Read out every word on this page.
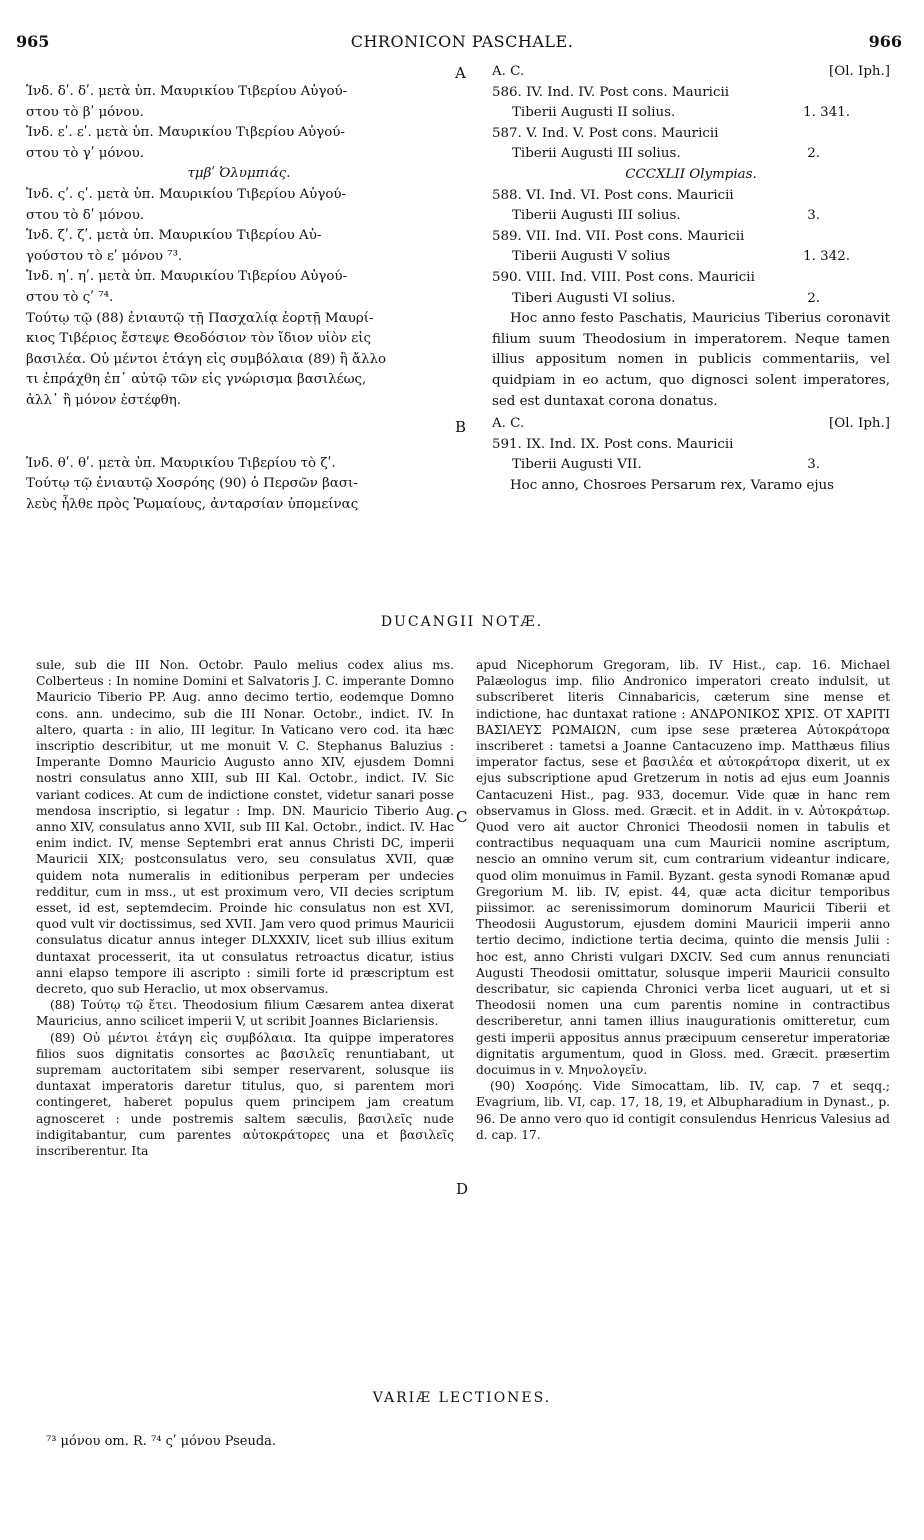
965	CHRONICON PASCHALE.	966
A
B
C
D
Ἰνδ. δʹ. δʹ. μετὰ ὑπ. Μαυρικίου Τιβερίου Αὐγού-
στου τὸ βʹ μόνου.
Ἰνδ. εʹ. εʹ. μετὰ ὑπ. Μαυρικίου Τιβερίου Αὐγού-
στου τὸ γʹ μόνου.
τμβʹ Ὀλυμπιάς.
Ἰνδ. ςʹ. ςʹ. μετὰ ὑπ. Μαυρικίου Τιβερίου Αὐγού-
στου τὸ δʹ μόνου.
Ἰνδ. ζʹ. ζʹ. μετὰ ὑπ. Μαυρικίου Τιβερίου Αὐ-
γούστου τὸ εʹ μόνου ⁷³.
Ἰνδ. ηʹ. ηʹ. μετὰ ὑπ. Μαυρικίου Τιβερίου Αὐγού-
στου τὸ ςʹ ⁷⁴.
Τούτῳ τῷ (88) ἐνιαυτῷ τῇ Πασχαλίᾳ ἑορτῇ Μαυρί-
κιος Τιβέριος ἔστεψε Θεοδόσιον τὸν ἴδιον υἱὸν εἰς
βασιλέα. Οὐ μέντοι ἐτάγη εἰς συμβόλαια (89) ἢ ἄλλο
τι ἐπράχθη ἐπ᾽ αὐτῷ τῶν εἰς γνώρισμα βασιλέως,
ἀλλ᾽ ἢ μόνον ἐστέφθη.
Ἰνδ. θʹ. θʹ. μετὰ ὑπ. Μαυρικίου Τιβερίου τὸ ζʹ.
Τούτῳ τῷ ἐνιαυτῷ Χοσρόης (90) ὁ Περσῶν βασι-
λεὺς ἦλθε πρὸς Ῥωμαίους, ἀνταρσίαν ὑπομείνας
A. C.	[Ol. Iph.]
586. IV. Ind. IV. Post cons. Mauricii
Tiberii Augusti II solius.	1. 341.
587. V. Ind. V. Post cons. Mauricii
Tiberii Augusti III solius.	2.
CCCXLII Olympias.
588. VI. Ind. VI. Post cons. Mauricii
Tiberii Augusti III solius.	3.
589. VII. Ind. VII. Post cons. Mauricii
Tiberii Augusti V solius	1. 342.
590. VIII. Ind. VIII. Post cons. Mauricii
Tiberi Augusti VI solius.	2.
Hoc anno festo Paschatis, Mauricius Tiberius coronavit filium suum Theodosium in imperatorem. Neque tamen illius appositum nomen in publicis commentariis, vel quidpiam in eo actum, quo dignosci solent imperatores, sed est duntaxat corona donatus.
A. C.	[Ol. Iph.]
591. IX. Ind. IX. Post cons. Mauricii
Tiberii Augusti VII.	3.
Hoc anno, Chosroes Persarum rex, Varamo ejus
DUCANGII NOTÆ.

sule, sub die III Non. Octobr. Paulo melius codex alius ms. Colberteus : In nomine Domini et Salvatoris J. C. imperante Domno Mauricio Tiberio PP. Aug. anno decimo tertio, eodemque Domno cons. ann. undecimo, sub die III Nonar. Octobr., indict. IV. In altero, quarta : in alio, III legitur. In Vaticano vero cod. ita hæc inscriptio describitur, ut me monuit V. C. Stephanus Baluzius : Imperante Domno Mauricio Augusto anno XIV, ejusdem Domni nostri consulatus anno XIII, sub III Kal. Octobr., indict. IV. Sic variant codices. At cum de indictione constet, videtur sanari posse mendosa inscriptio, si legatur : Imp. DN. Mauricio Tiberio Aug. anno XIV, consulatus anno XVII, sub III Kal. Octobr., indict. IV. Hac enim indict. IV, mense Septembri erat annus Christi DC, imperii Mauricii XIX; postconsulatus vero, seu consulatus XVII, quæ quidem nota numeralis in editionibus perperam per undecies redditur, cum in mss., ut est proximum vero, VII decies scriptum esset, id est, septemdecim. Proinde hic consulatus non est XVI, quod vult vir doctissimus, sed XVII. Jam vero quod primus Mauricii consulatus dicatur annus integer DLXXXIV, licet sub illius exitum duntaxat processerit, ita ut consulatus retroactus dicatur, istius anni elapso tempore ili ascripto : simili forte id præscriptum est decreto, quo sub Heraclio, ut mox observamus.

(88) Τούτῳ τῷ ἔτει. Theodosium filium Cæsarem antea dixerat Mauricius, anno scilicet imperii V, ut scribit Joannes Biclariensis.

(89) Οὐ μέντοι ἐτάγη εἰς συμβόλαια. Ita quippe imperatores filios suos dignitatis consortes ac βασιλεῖς renuntiabant, ut supremam auctoritatem sibi semper reservarent, solusque iis duntaxat imperatoris daretur titulus, quo, si parentem mori contingeret, haberet populus quem principem jam creatum agnosceret : unde postremis saltem sæculis, βασιλεῖς nude indigitabantur, cum parentes αὐτοκράτορες una et βασιλεῖς inscriberentur. Ita

apud Nicephorum Gregoram, lib. IV Hist., cap. 16. Michael Palæologus imp. filio Andronico imperatori creato indulsit, ut subscriberet literis Cinnabaricis, cæterum sine mense et indictione, hac duntaxat ratione : ΑΝΔΡΟΝΙΚΟΣ ΧΡΙΣ. ΟΤ ΧΑΡΙΤΙ ΒΑΣΙΛΕΥΣ ΡΩΜΑΙΩΝ, cum ipse sese præterea Αὐτοκράτορα inscriberet : tametsi a Joanne Cantacuzeno imp. Matthæus filius imperator factus, sese et βασιλέα et αὐτοκράτορα dixerit, ut ex ejus subscriptione apud Gretzerum in notis ad ejus eum Joannis Cantacuzeni Hist., pag. 933, docemur. Vide quæ in hanc rem observamus in Gloss. med. Græcit. et in Addit. in v. Αὐτοκράτωρ. Quod vero ait auctor Chronici Theodosii nomen in tabulis et contractibus nequaquam una cum Mauricii nomine ascriptum, nescio an omnino verum sit, cum contrarium videantur indicare, quod olim monuimus in Famil. Byzant. gesta synodi Romanæ apud Gregorium M. lib. IV, epist. 44, quæ acta dicitur temporibus piissimor. ac serenissimorum dominorum Mauricii Tiberii et Theodosii Augustorum, ejusdem domini Mauricii imperii anno tertio decimo, indictione tertia decima, quinto die mensis Julii : hoc est, anno Christi vulgari DXCIV. Sed cum annus renunciati Augusti Theodosii omittatur, solusque imperii Mauricii consulto describatur, sic capienda Chronici verba licet auguari, ut et si Theodosii nomen una cum parentis nomine in contractibus describeretur, anni tamen illius inaugurationis omitteretur, cum gesti imperii appositus annus præcipuum censeretur imperatoriæ dignitatis argumentum, quod in Gloss. med. Græcit. præsertim docuimus in v. Μηνολογεῖν.

(90) Χοσρόης. Vide Simocattam, lib. IV, cap. 7 et seqq.; Evagrium, lib. VI, cap. 17, 18, 19, et Albupharadium in Dynast., p. 96. De anno vero quo id contigit consulendus Henricus Valesius ad d. cap. 17.

VARIÆ LECTIONES.
⁷³ μόνου om. R. ⁷⁴ ςʹ μόνου Pseuda.
